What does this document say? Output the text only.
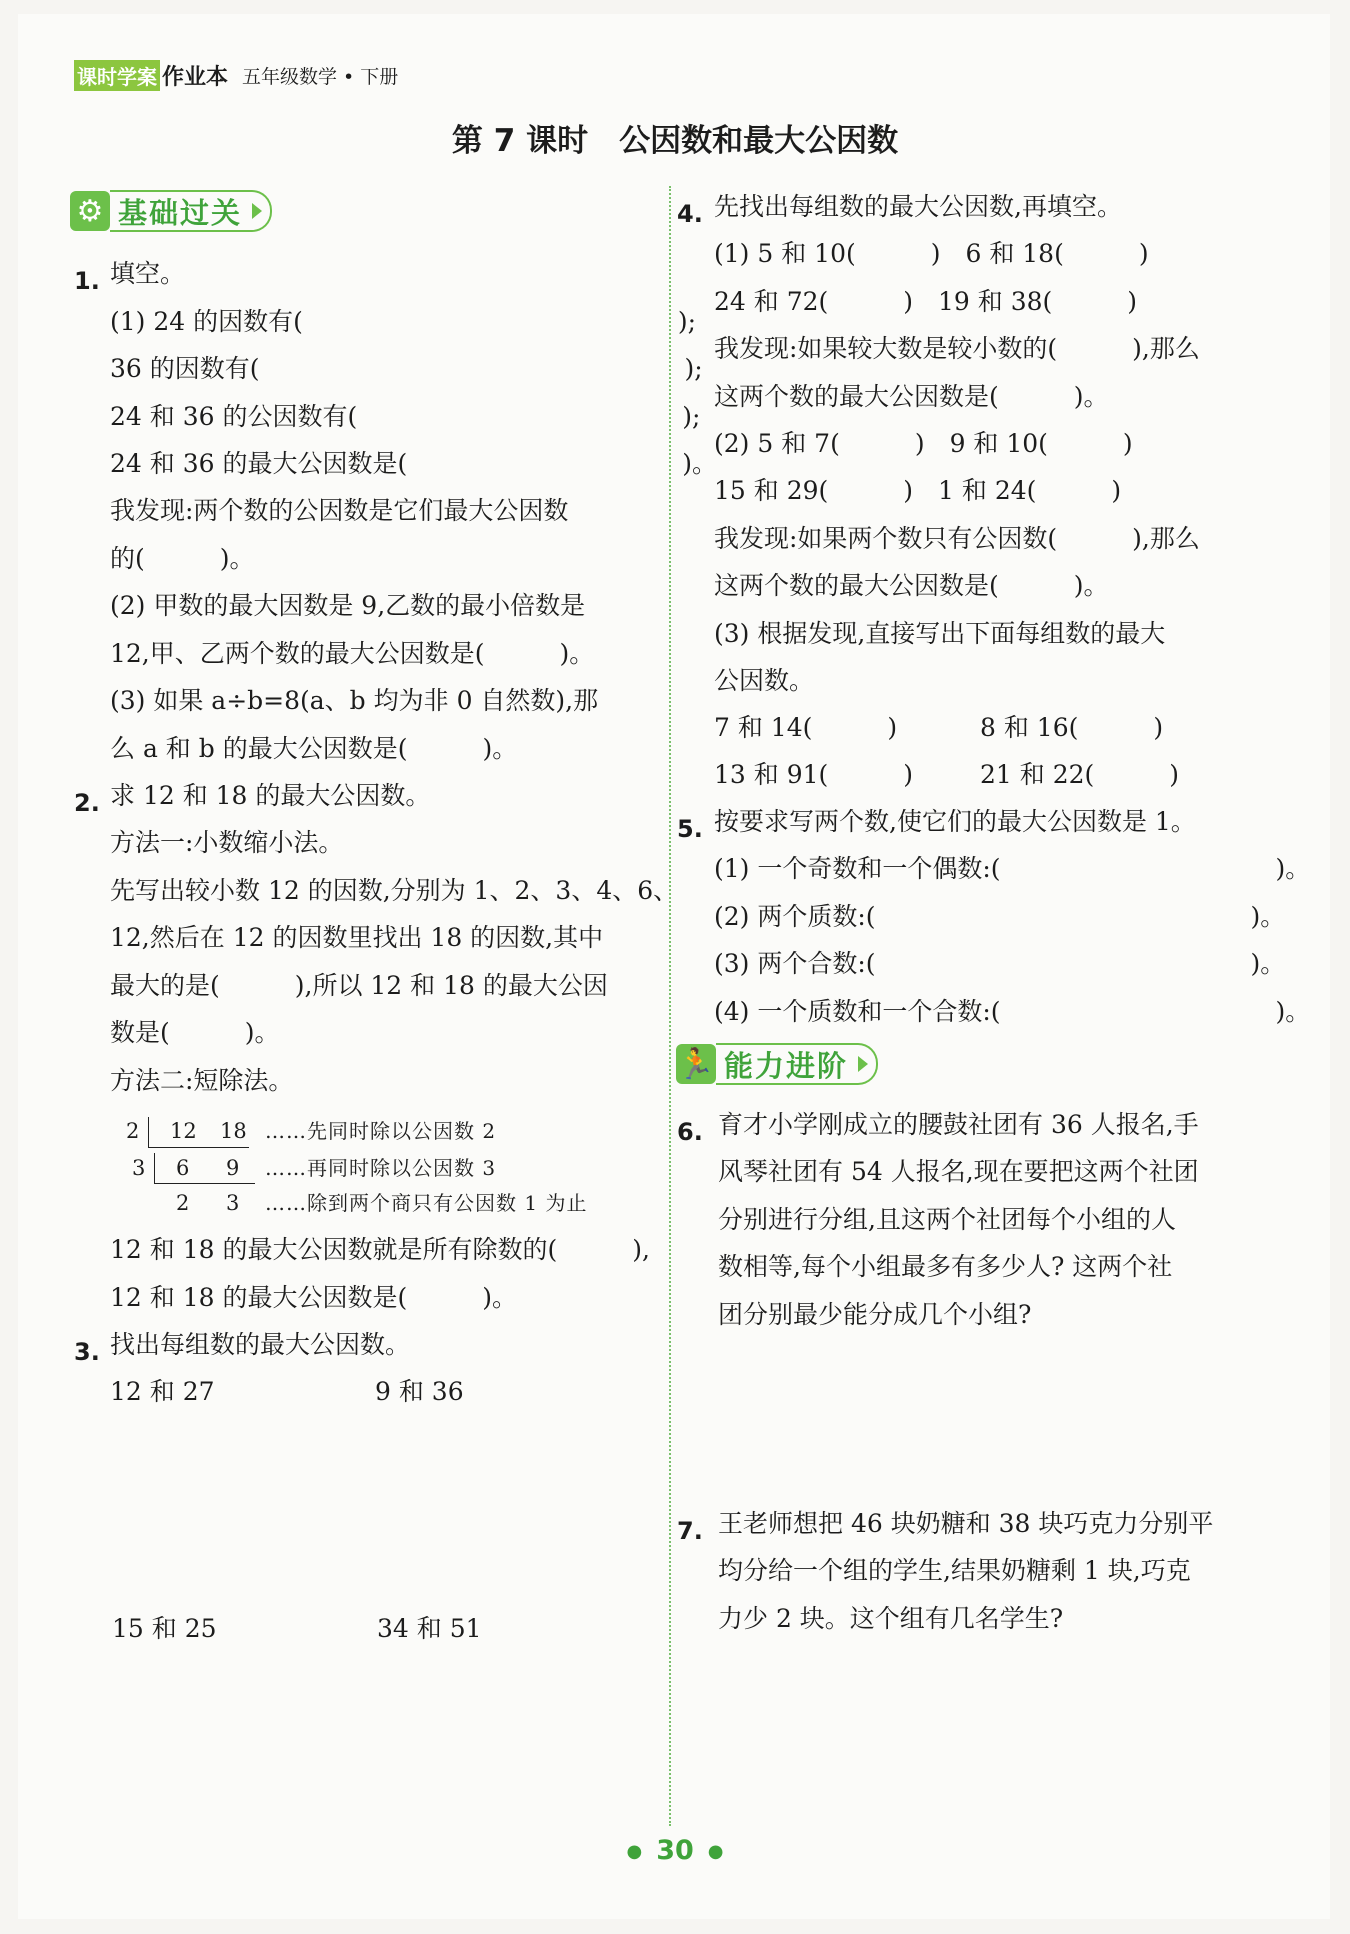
课时学案 作业本 五年级数学 • 下册
第 7 课时　公因数和最大公因数
⚙ 基础过关
1. 填空。
(1) 24 的因数有(　　　　　　　　　　　　　　　);
36 的因数有(　　　　　　　　　　　　　　　　　);
24 和 36 的公因数有(　　　　　　　　　　　　　);
24 和 36 的最大公因数是(　　　　　　　　　　　)。
我发现:两个数的公因数是它们最大公因数
的(　　　)。
(2) 甲数的最大因数是 9,乙数的最小倍数是
12,甲、乙两个数的最大公因数是(　　　)。
(3) 如果 a÷b=8(a、b 均为非 0 自然数),那
么 a 和 b 的最大公因数是(　　　)。
2. 求 12 和 18 的最大公因数。
方法一:小数缩小法。
先写出较小数 12 的因数,分别为 1、2、3、4、6、
12,然后在 12 的因数里找出 18 的因数,其中
最大的是(　　　),所以 12 和 18 的最大公因
数是(　　　)。
方法二:短除法。
2 12 18 ……先同时除以公因数 2
3 6 9 ……再同时除以公因数 3
2 3 ……除到两个商只有公因数 1 为止
12 和 18 的最大公因数就是所有除数的(　　　),
12 和 18 的最大公因数是(　　　)。
3. 找出每组数的最大公因数。
12 和 27	9 和 36
15 和 25	34 和 51
4. 先找出每组数的最大公因数,再填空。
(1) 5 和 10(　　　)　6 和 18(　　　)
24 和 72(　　　)　19 和 38(　　　)
我发现:如果较大数是较小数的(　　　),那么
这两个数的最大公因数是(　　　)。
(2) 5 和 7(　　　)　9 和 10(　　　)
15 和 29(　　　)　1 和 24(　　　)
我发现:如果两个数只有公因数(　　　),那么
这两个数的最大公因数是(　　　)。
(3) 根据发现,直接写出下面每组数的最大
公因数。
7 和 14(　　　)	8 和 16(　　　)
13 和 91(　　　)	21 和 22(　　　)
5. 按要求写两个数,使它们的最大公因数是 1。
(1) 一个奇数和一个偶数:(　　　　　　　　　　　)。
(2) 两个质数:(　　　　　　　　　　　　　　　)。
(3) 两个合数:(　　　　　　　　　　　　　　　)。
(4) 一个质数和一个合数:(　　　　　　　　　　　)。
🏃 能力进阶
6. 育才小学刚成立的腰鼓社团有 36 人报名,手
风琴社团有 54 人报名,现在要把这两个社团
分别进行分组,且这两个社团每个小组的人
数相等,每个小组最多有多少人? 这两个社
团分别最少能分成几个小组?
7. 王老师想把 46 块奶糖和 38 块巧克力分别平
均分给一个组的学生,结果奶糖剩 1 块,巧克
力少 2 块。这个组有几名学生?
● 30 ●
